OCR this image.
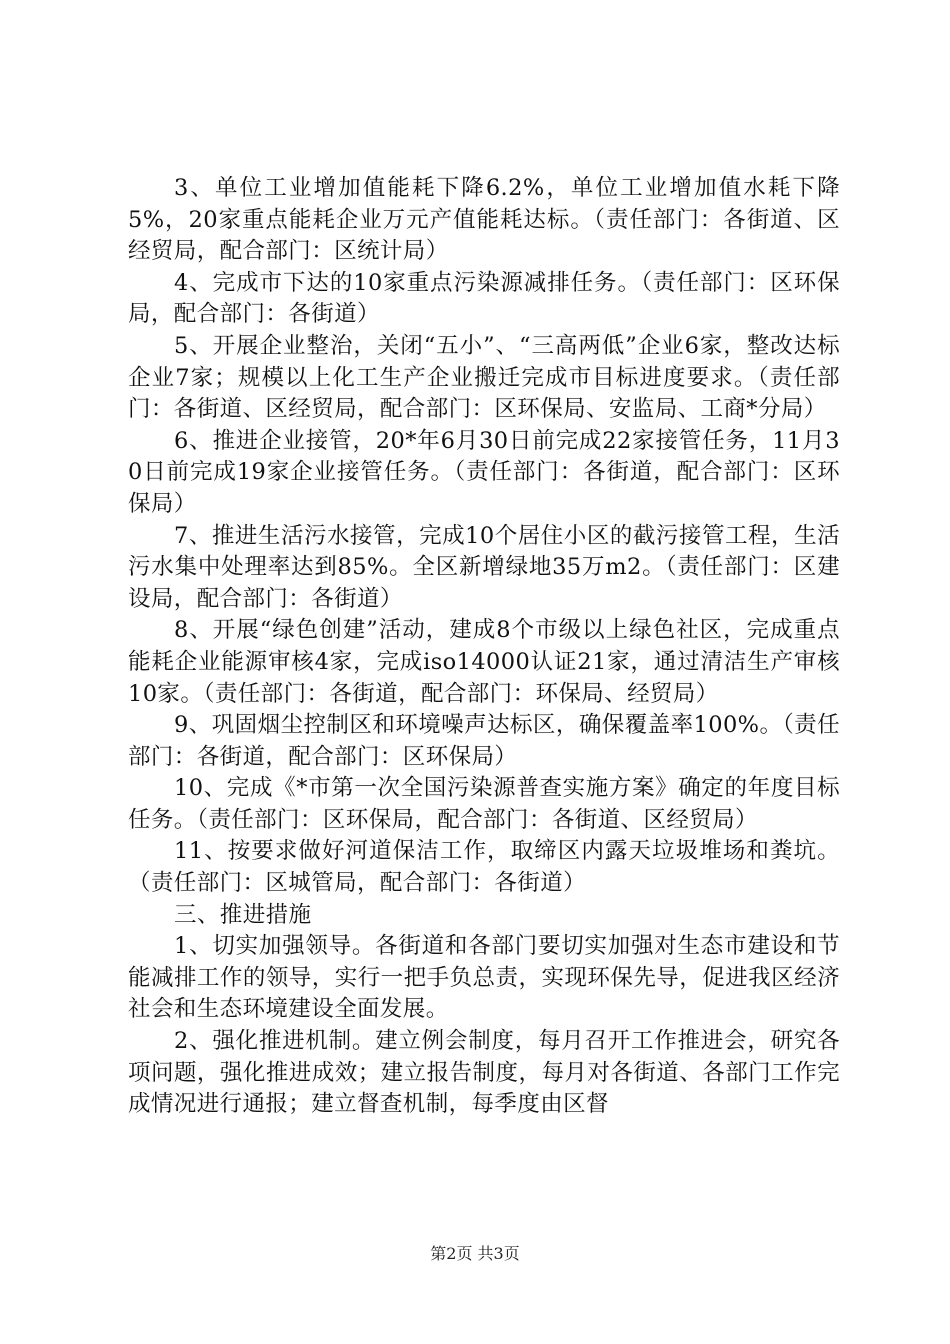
3、单位工业增加值能耗下降6.2%，单位工业增加值水耗下降5%，20家重点能耗企业万元产值能耗达标。（责任部门：各街道、区经贸局，配合部门：区统计局）

4、完成市下达的10家重点污染源减排任务。（责任部门：区环保局，配合部门：各街道）

5、开展企业整治，关闭“五小”、“三高两低”企业6家，整改达标企业7家；规模以上化工生产企业搬迁完成市目标进度要求。（责任部门：各街道、区经贸局，配合部门：区环保局、安监局、工商*分局）

6、推进企业接管，20*年6月30日前完成22家接管任务，11月30日前完成19家企业接管任务。（责任部门：各街道，配合部门：区环保局）

7、推进生活污水接管，完成10个居住小区的截污接管工程，生活污水集中处理率达到85%。全区新增绿地35万m2。（责任部门：区建设局，配合部门：各街道）

8、开展“绿色创建”活动，建成8个市级以上绿色社区，完成重点能耗企业能源审核4家，完成iso14000认证21家，通过清洁生产审核10家。（责任部门：各街道，配合部门：环保局、经贸局）

9、巩固烟尘控制区和环境噪声达标区，确保覆盖率100%。（责任部门：各街道，配合部门：区环保局）

10、完成《*市第一次全国污染源普查实施方案》确定的年度目标任务。（责任部门：区环保局，配合部门：各街道、区经贸局）

11、按要求做好河道保洁工作，取缔区内露天垃圾堆场和粪坑。（责任部门：区城管局，配合部门：各街道）

三、推进措施

1、切实加强领导。各街道和各部门要切实加强对生态市建设和节能减排工作的领导，实行一把手负总责，实现环保先导，促进我区经济社会和生态环境建设全面发展。

2、强化推进机制。建立例会制度，每月召开工作推进会，研究各项问题，强化推进成效；建立报告制度，每月对各街道、各部门工作完成情况进行通报；建立督查机制，每季度由区督

第2页 共3页
